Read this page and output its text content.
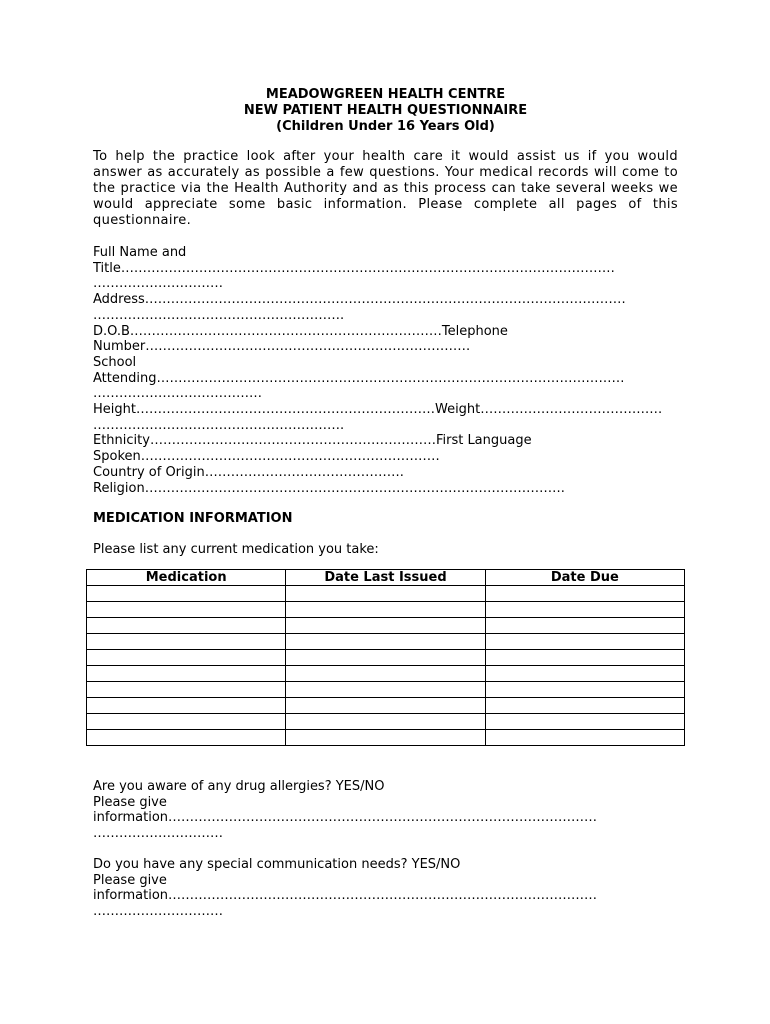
MEADOWGREEN HEALTH CENTRE
NEW PATIENT HEALTH QUESTIONNAIRE
(Children Under 16 Years Old)
To help the practice look after your health care it would assist us if you would answer as accurately as possible a few questions. Your medical records will come to the practice via the Health Authority and as this process can take several weeks we would appreciate some basic information. Please complete all pages of this questionnaire.
Full Name and
Title……………………………………………………………………………………………………
…………………………
Address…………………………………………………………………………………………………
………………………………………………….
D.O.B………………………………………………………………Telephone
Number…………………………………………………………………
School
Attending………………………………………………………………………………………………
…………………………………
Height……………………………………………………………Weight……………………………………
………………………………………………….
Ethnicity…………………………………………………………First Language
Spoken……………………………………………………………
Country of Origin……………………………………….
Religion…………………………………………………………………………………….
MEDICATION INFORMATION
Please list any current medication you take:
Medication	Date Last Issued	Date Due

Are you aware of any drug allergies? YES/NO
Please give
information………………………………………………………………………………………
…………………………
Do you have any special communication needs? YES/NO
Please give
information………………………………………………………………………………………
…………………………
